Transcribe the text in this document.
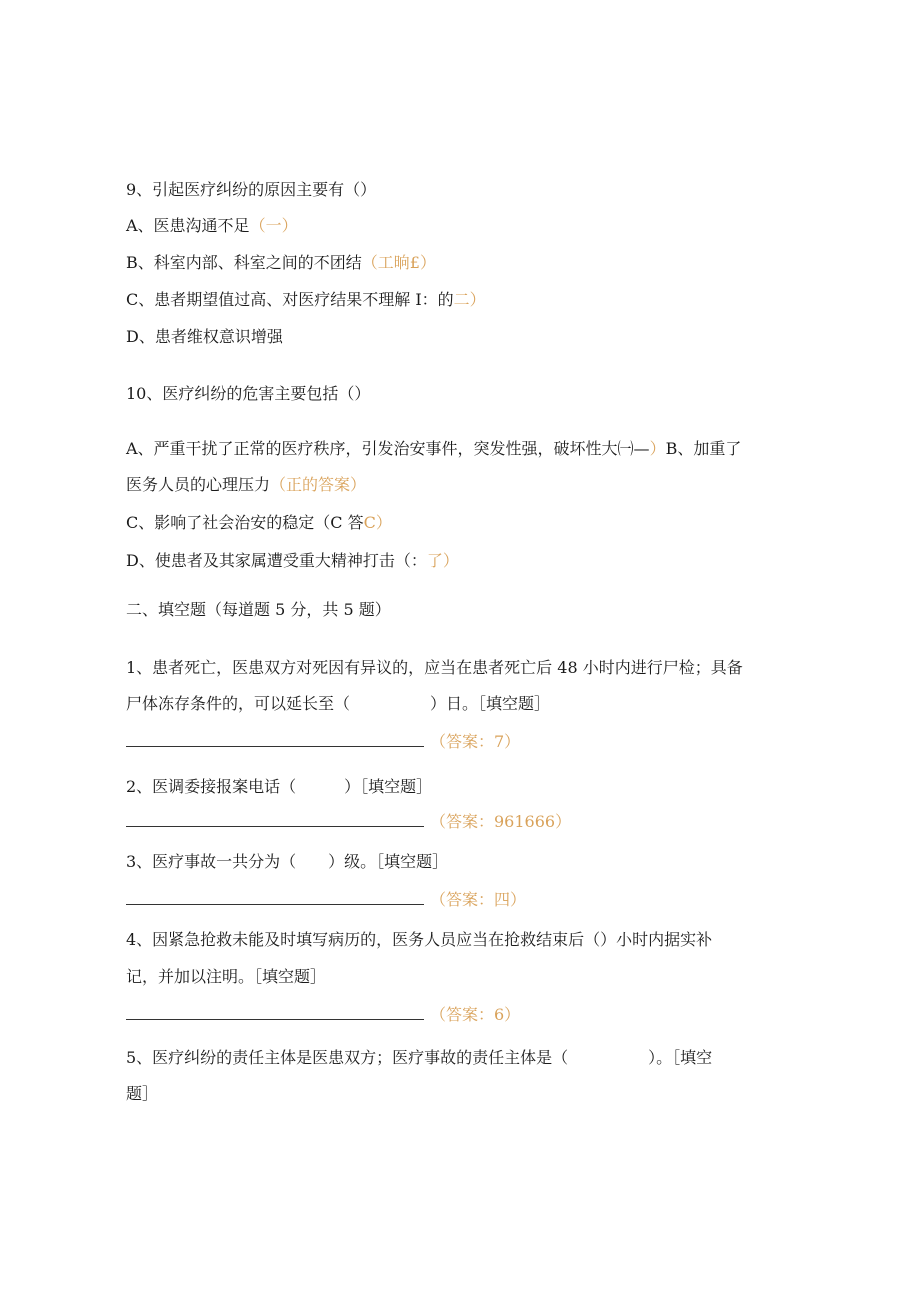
9、引起医疗纠纷的原因主要有（）
A、医患沟通不足（一）
B、科室内部、科室之间的不团结（工晌£）
C、患者期望值过高、对医疗结果不理解 I：的二）
D、患者维权意识增强
10、医疗纠纷的危害主要包括（）
A、严重干扰了正常的医疗秩序，引发治安事件，突发性强，破坏性大㈠—）B、加重了
医务人员的心理压力（正的答案）
C、影响了社会治安的稳定（C 答C）
D、使患者及其家属遭受重大精神打击（：了）
二、填空题（每道题 5 分，共 5 题）
1、患者死亡，医患双方对死因有异议的，应当在患者死亡后 48 小时内进行尸检；具备
尸体冻存条件的，可以延长至（　　　　　）日。［填空题］
（答案：7）
2、医调委接报案电话（　　　）［填空题］
（答案：961666）
3、医疗事故一共分为（　　）级。［填空题］
（答案：四）
4、因紧急抢救未能及时填写病历的，医务人员应当在抢救结束后（）小时内据实补
记，并加以注明。［填空题］
（答案：6）
5、医疗纠纷的责任主体是医患双方；医疗事故的责任主体是（　　　　　）。［填空
题］
